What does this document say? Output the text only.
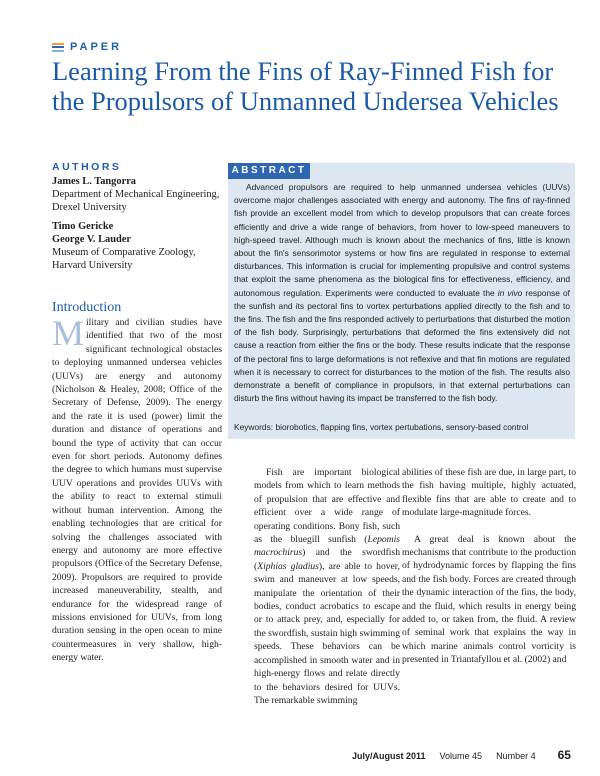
PAPER
Learning From the Fins of Ray-Finned Fish for the Propulsors of Unmanned Undersea Vehicles
AUTHORS
James L. Tangorra
Department of Mechanical Engineering, Drexel University
Timo Gericke
George V. Lauder
Museum of Comparative Zoology, Harvard University
ABSTRACT

Advanced propulsors are required to help unmanned undersea vehicles (UUVs) overcome major challenges associated with energy and autonomy. The fins of ray-finned fish provide an excellent model from which to develop propulsors that can create forces efficiently and drive a wide range of behaviors, from hover to low-speed maneuvers to high-speed travel. Although much is known about the mechanics of fins, little is known about the fin's sensorimotor systems or how fins are regulated in response to external disturbances. This information is crucial for implementing propulsive and control systems that exploit the same phenomena as the biological fins for effectiveness, efficiency, and autonomous regulation. Experiments were conducted to evaluate the in vivo response of the sunfish and its pectoral fins to vortex perturbations applied directly to the fish and to the fins. The fish and the fins responded actively to perturbations that disturbed the motion of the fish body. Surprisingly, perturbations that deformed the fins extensively did not cause a reaction from either the fins or the body. These results indicate that the response of the pectoral fins to large deformations is not reflexive and that fin motions are regulated when it is necessary to correct for disturbances to the motion of the fish. The results also demonstrate a benefit of compliance in propulsors, in that external perturbations can disturb the fins without having its impact be transferred to the fish body.

Keywords: biorobotics, flapping fins, vortex pertubations, sensory-based control

Introduction

Military and civilian studies have identified that two of the most significant technological obstacles to deploying unmanned undersea vehicles (UUVs) are energy and autonomy (Nicholson & Healey, 2008; Office of the Secretary of Defense, 2009). The energy and the rate it is used (power) limit the duration and distance of operations and bound the type of activity that can occur even for short periods. Autonomy defines the degree to which humans must supervise UUV operations and provides UUVs with the ability to react to external stimuli without human intervention. Among the enabling technologies that are critical for solving the challenges associated with energy and autonomy are more effective propulsors (Office of the Secretary Defense, 2009). Propulsors are required to provide increased maneuverability, stealth, and endurance for the widespread range of missions envisioned for UUVs, from long duration sensing in the open ocean to mine countermeasures in very shallow, high-energy water.

Fish are important biological models from which to learn methods of propulsion that are effective and efficient over a wide range of operating conditions. Bony fish, such as the bluegill sunfish (Lepomis macrochirus) and the swordfish (Xiphias gladius), are able to hover, swim and maneuver at low speeds, manipulate the orientation of their bodies, conduct acrobatics to escape or to attack prey, and, especially for the swordfish, sustain high swimming speeds. These behaviors can be accomplished in smooth water and in high-energy flows and relate directly to the behaviors desired for UUVs. The remarkable swimming

abilities of these fish are due, in large part, to the fish having multiple, highly actuated, flexible fins that are able to create and to modulate large-magnitude forces.

A great deal is known about the mechanisms that contribute to the production of hydrodynamic forces by flapping the fins and the fish body. Forces are created through the dynamic interaction of the fins, the body, and the fluid, which results in energy being added to, or taken from, the fluid. A review of seminal work that explains the way in which marine animals control vorticity is presented in Triantafyllou et al. (2002) and

July/August 2011 Volume 45 Number 4 65
